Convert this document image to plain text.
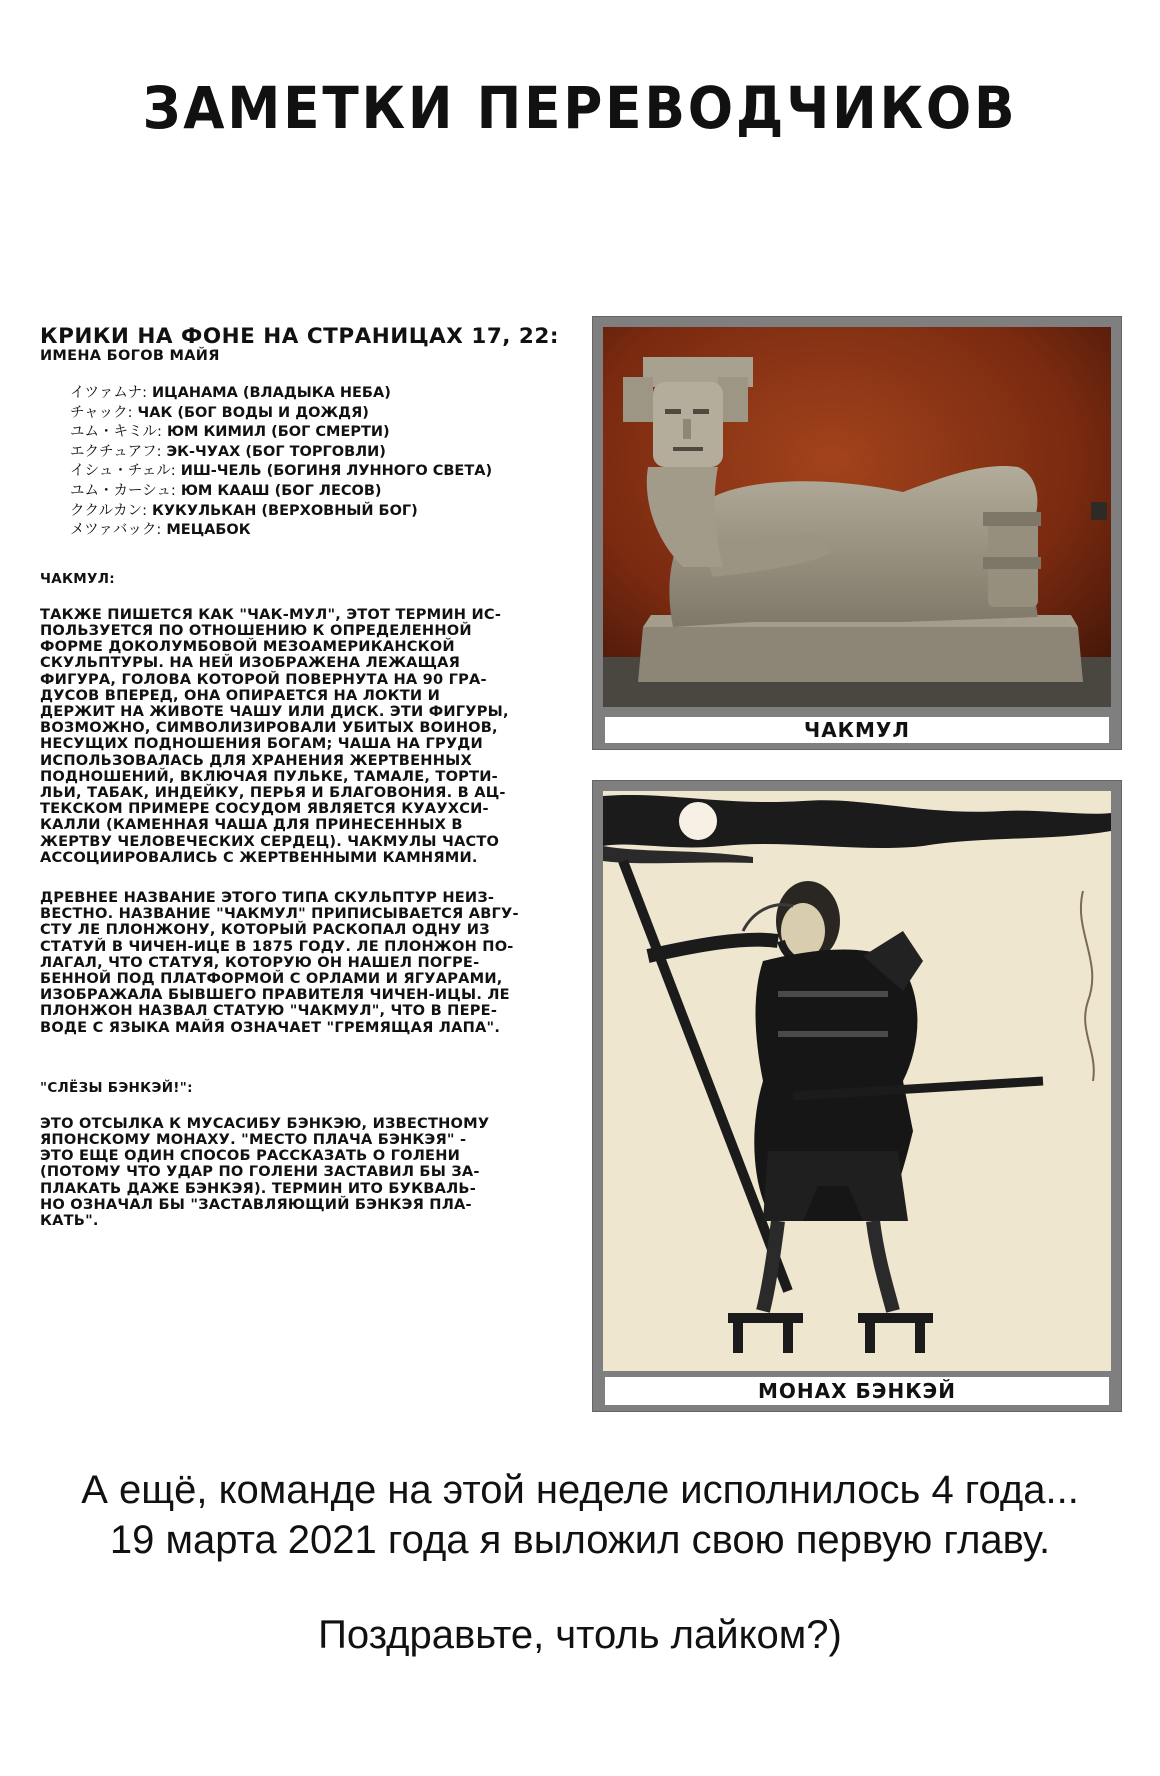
ЗАМЕТКИ ПЕРЕВОДЧИКОВ
КРИКИ НА ФОНЕ НА СТРАНИЦАХ 17, 22:
ИМЕНА БОГОВ МАЙЯ
イツァムナ: ИЦАНАМА (ВЛАДЫКА НЕБА)
チャック: ЧАК (БОГ ВОДЫ И ДОЖДЯ)
ユム・キミル: ЮМ КИМИЛ (БОГ СМЕРТИ)
エクチュアフ: ЭК-ЧУАХ (БОГ ТОРГОВЛИ)
イシュ・チェル: ИШ-ЧЕЛЬ (БОГИНЯ ЛУННОГО СВЕТА)
ユム・カーシュ: ЮМ КААШ (БОГ ЛЕСОВ)
ククルカン: КУКУЛЬКАН (ВЕРХОВНЫЙ БОГ)
メツァバック: МЕЦАБОК
ЧАКМУЛ:
ТАКЖЕ ПИШЕТСЯ КАК "ЧАК-МУЛ", ЭТОТ ТЕРМИН ИС-
ПОЛЬЗУЕТСЯ ПО ОТНОШЕНИЮ К ОПРЕДЕЛЕННОЙ
ФОРМЕ ДОКОЛУМБОВОЙ МЕЗОАМЕРИКАНСКОЙ
СКУЛЬПТУРЫ. НА НЕЙ ИЗОБРАЖЕНА ЛЕЖАЩАЯ
ФИГУРА, ГОЛОВА КОТОРОЙ ПОВЕРНУТА НА 90 ГРА-
ДУСОВ ВПЕРЕД, ОНА ОПИРАЕТСЯ НА ЛОКТИ И
ДЕРЖИТ НА ЖИВОТЕ ЧАШУ ИЛИ ДИСК. ЭТИ ФИГУРЫ,
ВОЗМОЖНО, СИМВОЛИЗИРОВАЛИ УБИТЫХ ВОИНОВ,
НЕСУЩИХ ПОДНОШЕНИЯ БОГАМ; ЧАША НА ГРУДИ
ИСПОЛЬЗОВАЛАСЬ ДЛЯ ХРАНЕНИЯ ЖЕРТВЕННЫХ
ПОДНОШЕНИЙ, ВКЛЮЧАЯ ПУЛЬКЕ, ТАМАЛЕ, ТОРТИ-
ЛЬИ, ТАБАК, ИНДЕЙКУ, ПЕРЬЯ И БЛАГОВОНИЯ. В АЦ-
ТЕКСКОМ ПРИМЕРЕ СОСУДОМ ЯВЛЯЕТСЯ КУАУХСИ-
КАЛЛИ (КАМЕННАЯ ЧАША ДЛЯ ПРИНЕСЕННЫХ В
ЖЕРТВУ ЧЕЛОВЕЧЕСКИХ СЕРДЕЦ). ЧАКМУЛЫ ЧАСТО
АССОЦИИРОВАЛИСЬ С ЖЕРТВЕННЫМИ КАМНЯМИ.
ДРЕВНЕЕ НАЗВАНИЕ ЭТОГО ТИПА СКУЛЬПТУР НЕИЗ-
ВЕСТНО. НАЗВАНИЕ "ЧАКМУЛ" ПРИПИСЫВАЕТСЯ АВГУ-
СТУ ЛЕ ПЛОНЖОНУ, КОТОРЫЙ РАСКОПАЛ ОДНУ ИЗ
СТАТУЙ В ЧИЧЕН-ИЦЕ В 1875 ГОДУ. ЛЕ ПЛОНЖОН ПО-
ЛАГАЛ, ЧТО СТАТУЯ, КОТОРУЮ ОН НАШЕЛ ПОГРЕ-
БЕННОЙ ПОД ПЛАТФОРМОЙ С ОРЛАМИ И ЯГУАРАМИ,
ИЗОБРАЖАЛА БЫВШЕГО ПРАВИТЕЛЯ ЧИЧЕН-ИЦЫ. ЛЕ
ПЛОНЖОН НАЗВАЛ СТАТУЮ "ЧАКМУЛ", ЧТО В ПЕРЕ-
ВОДЕ С ЯЗЫКА МАЙЯ ОЗНАЧАЕТ "ГРЕМЯЩАЯ ЛАПА".
"СЛЁЗЫ БЭНКЭЙ!":
ЭТО ОТСЫЛКА К МУСАСИБУ БЭНКЭЮ, ИЗВЕСТНОМУ
ЯПОНСКОМУ МОНАХУ. "МЕСТО ПЛАЧА БЭНКЭЯ" -
ЭТО ЕЩЕ ОДИН СПОСОБ РАССКАЗАТЬ О ГОЛЕНИ
(ПОТОМУ ЧТО УДАР ПО ГОЛЕНИ ЗАСТАВИЛ БЫ ЗА-
ПЛАКАТЬ ДАЖЕ БЭНКЭЯ). ТЕРМИН ИТО БУКВАЛЬ-
НО ОЗНАЧАЛ БЫ "ЗАСТАВЛЯЮЩИЙ БЭНКЭЯ ПЛА-
КАТЬ".
ЧАКМУЛ
МОНАХ БЭНКЭЙ
А ещё, команде на этой неделе исполнилось 4 года...
19 марта 2021 года я выложил свою первую главу.
Поздравьте, чтоль лайком?)
